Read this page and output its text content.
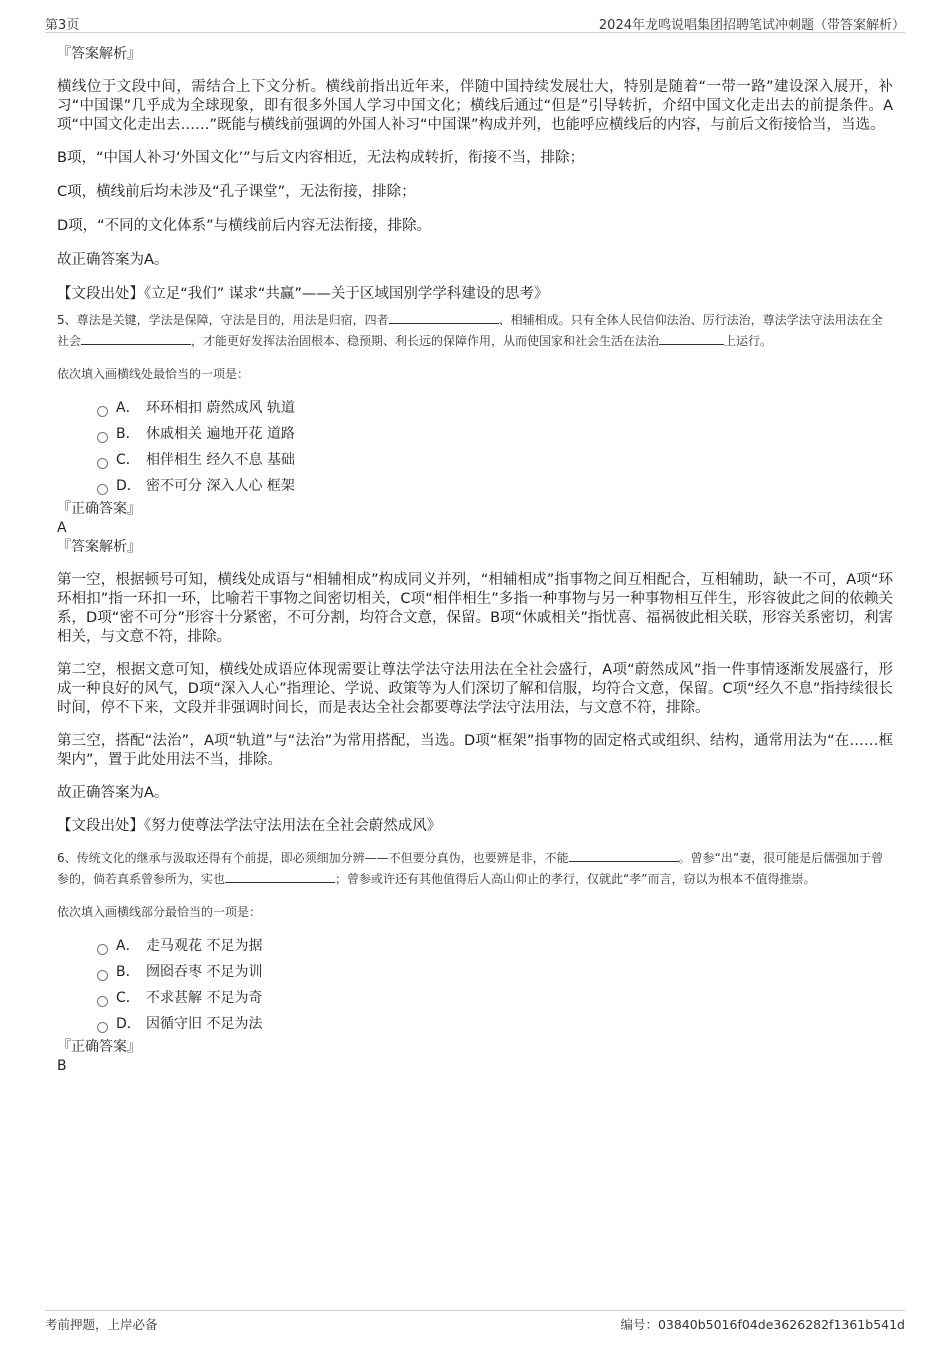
第3页	2024年龙鸣说唱集团招聘笔试冲刺题（带答案解析）

『答案解析』

横线位于文段中间，需结合上下文分析。横线前指出近年来，伴随中国持续发展壮大，特别是随着“一带一路”建设深入展开，补习“中国课”几乎成为全球现象，即有很多外国人学习中国文化；横线后通过“但是”引导转折，介绍中国文化走出去的前提条件。A项“中国文化走出去……”既能与横线前强调的外国人补习“中国课”构成并列，也能呼应横线后的内容，与前后文衔接恰当，当选。

B项，“中国人补习‘外国文化’”与后文内容相近，无法构成转折，衔接不当，排除；

C项，横线前后均未涉及“孔子课堂”，无法衔接，排除；

D项，“不同的文化体系”与横线前后内容无法衔接，排除。

故正确答案为A。

【文段出处】《立足“我们” 谋求“共赢”——关于区域国别学学科建设的思考》

5、尊法是关键，学法是保障，守法是目的，用法是归宿，四者	、相辅相成。只有全体人民信仰法治、厉行法治，尊法学法守法用法在全社会	，才能更好发挥法治固根本、稳预期、利长远的保障作用，从而使国家和社会生活在法治	上运行。

依次填入画横线处最恰当的一项是：

A． 环环相扣 蔚然成风 轨道
B． 休戚相关 遍地开花 道路
C． 相伴相生 经久不息 基础
D． 密不可分 深入人心 框架

『正确答案』

A

『答案解析』

第一空，根据顿号可知，横线处成语与“相辅相成”构成同义并列，“相辅相成”指事物之间互相配合，互相辅助，缺一不可，A项“环环相扣”指一环扣一环，比喻若干事物之间密切相关，C项“相伴相生”多指一种事物与另一种事物相互伴生，形容彼此之间的依赖关系，D项“密不可分”形容十分紧密，不可分割，均符合文意，保留。B项“休戚相关”指忧喜、福祸彼此相关联，形容关系密切，利害相关，与文意不符，排除。

第二空，根据文意可知，横线处成语应体现需要让尊法学法守法用法在全社会盛行，A项“蔚然成风”指一件事情逐渐发展盛行，形成一种良好的风气，D项“深入人心”指理论、学说、政策等为人们深切了解和信服，均符合文意，保留。C项“经久不息”指持续很长时间，停不下来，文段并非强调时间长，而是表达全社会都要尊法学法守法用法，与文意不符，排除。

第三空，搭配“法治”，A项“轨道”与“法治”为常用搭配，当选。D项“框架”指事物的固定格式或组织、结构，通常用法为“在……框架内”，置于此处用法不当，排除。

故正确答案为A。

【文段出处】《努力使尊法学法守法用法在全社会蔚然成风》

6、传统文化的继承与汲取还得有个前提，即必须细加分辨——不但要分真伪，也要辨是非，不能	。曾参“出”妻，很可能是后儒强加于曾参的，倘若真系曾参所为，实也	；曾参或许还有其他值得后人高山仰止的孝行，仅就此“孝”而言，窃以为根本不值得推崇。

依次填入画横线部分最恰当的一项是：

A． 走马观花 不足为据
B． 囫囵吞枣 不足为训
C． 不求甚解 不足为奇
D． 因循守旧 不足为法

『正确答案』

B

考前押题，上岸必备	编号：03840b5016f04de3626282f1361b541d
